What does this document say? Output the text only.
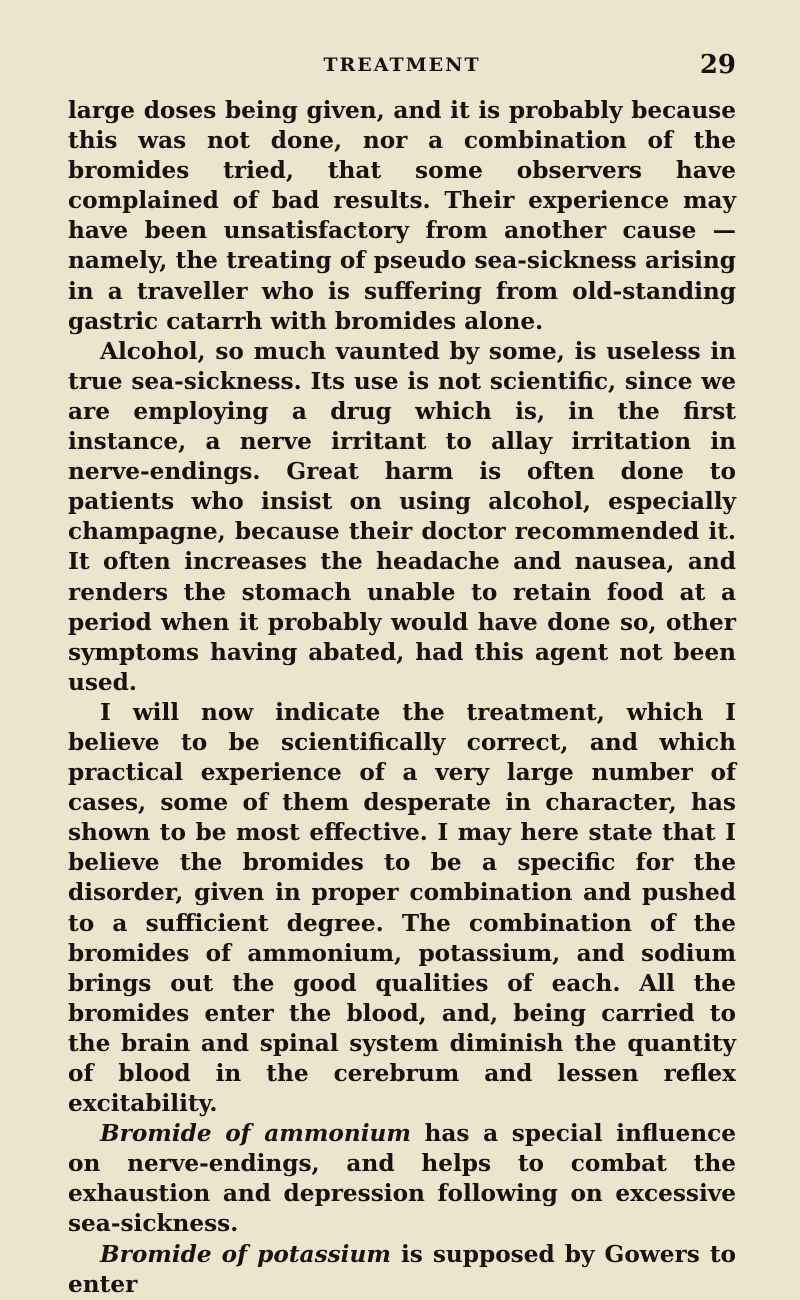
TREATMENT	29

large doses being given, and it is probably because this was not done, nor a combination of the bromides tried, that some observers have complained of bad results. Their experience may have been unsatisfactory from another cause — namely, the treating of pseudo sea-sickness arising in a traveller who is suffering from old-standing gastric catarrh with bromides alone.

Alcohol, so much vaunted by some, is useless in true sea-sickness. Its use is not scientific, since we are employing a drug which is, in the first instance, a nerve irritant to allay irritation in nerve-endings. Great harm is often done to patients who insist on using alcohol, especially champagne, because their doctor recommended it. It often increases the headache and nausea, and renders the stomach unable to retain food at a period when it probably would have done so, other symptoms having abated, had this agent not been used.

I will now indicate the treatment, which I believe to be scientifically correct, and which practical experience of a very large number of cases, some of them desperate in character, has shown to be most effective. I may here state that I believe the bromides to be a specific for the disorder, given in proper combination and pushed to a sufficient degree. The combination of the bromides of ammonium, potassium, and sodium brings out the good qualities of each. All the bromides enter the blood, and, being carried to the brain and spinal system diminish the quantity of blood in the cerebrum and lessen reflex excitability.

Bromide of ammonium has a special influence on nerve-endings, and helps to combat the exhaustion and depression following on excessive sea-sickness.

Bromide of potassium is supposed by Gowers to enter
